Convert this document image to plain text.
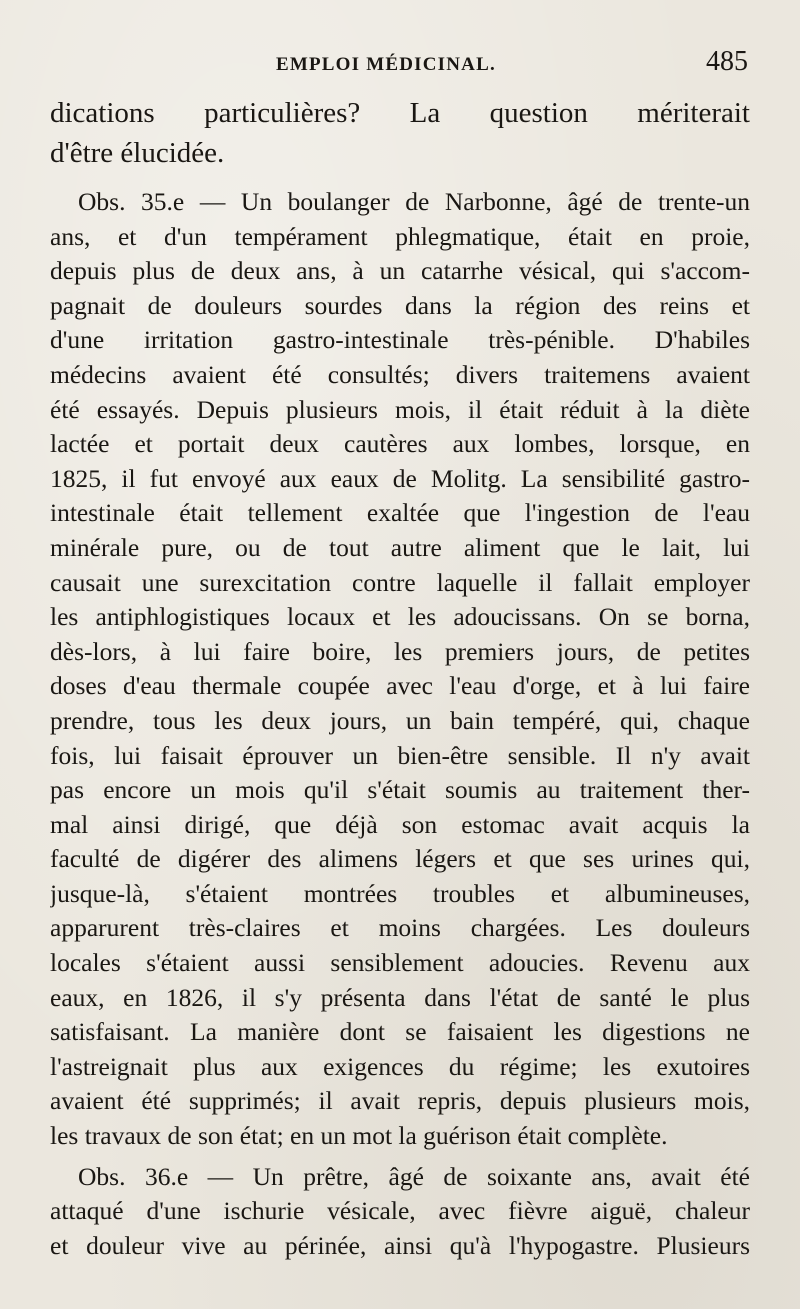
EMPLOI MÉDICINAL.	485
dications particulières? La question mériterait
d'être élucidée.
Obs. 35.e — Un boulanger de Narbonne, âgé de trente-un
ans, et d'un tempérament phlegmatique, était en proie,
depuis plus de deux ans, à un catarrhe vésical, qui s'accom-
pagnait de douleurs sourdes dans la région des reins et
d'une irritation gastro-intestinale très-pénible. D'habiles
médecins avaient été consultés; divers traitemens avaient
été essayés. Depuis plusieurs mois, il était réduit à la diète
lactée et portait deux cautères aux lombes, lorsque, en
1825, il fut envoyé aux eaux de Molitg. La sensibilité gastro-
intestinale était tellement exaltée que l'ingestion de l'eau
minérale pure, ou de tout autre aliment que le lait, lui
causait une surexcitation contre laquelle il fallait employer
les antiphlogistiques locaux et les adoucissans. On se borna,
dès-lors, à lui faire boire, les premiers jours, de petites
doses d'eau thermale coupée avec l'eau d'orge, et à lui faire
prendre, tous les deux jours, un bain tempéré, qui, chaque
fois, lui faisait éprouver un bien-être sensible. Il n'y avait
pas encore un mois qu'il s'était soumis au traitement ther-
mal ainsi dirigé, que déjà son estomac avait acquis la
faculté de digérer des alimens légers et que ses urines qui,
jusque-là, s'étaient montrées troubles et albumineuses,
apparurent très-claires et moins chargées. Les douleurs
locales s'étaient aussi sensiblement adoucies. Revenu aux
eaux, en 1826, il s'y présenta dans l'état de santé le plus
satisfaisant. La manière dont se faisaient les digestions ne
l'astreignait plus aux exigences du régime; les exutoires
avaient été supprimés; il avait repris, depuis plusieurs mois,
les travaux de son état; en un mot la guérison était complète.
Obs. 36.e — Un prêtre, âgé de soixante ans, avait été
attaqué d'une ischurie vésicale, avec fièvre aiguë, chaleur
et douleur vive au périnée, ainsi qu'à l'hypogastre. Plusieurs
